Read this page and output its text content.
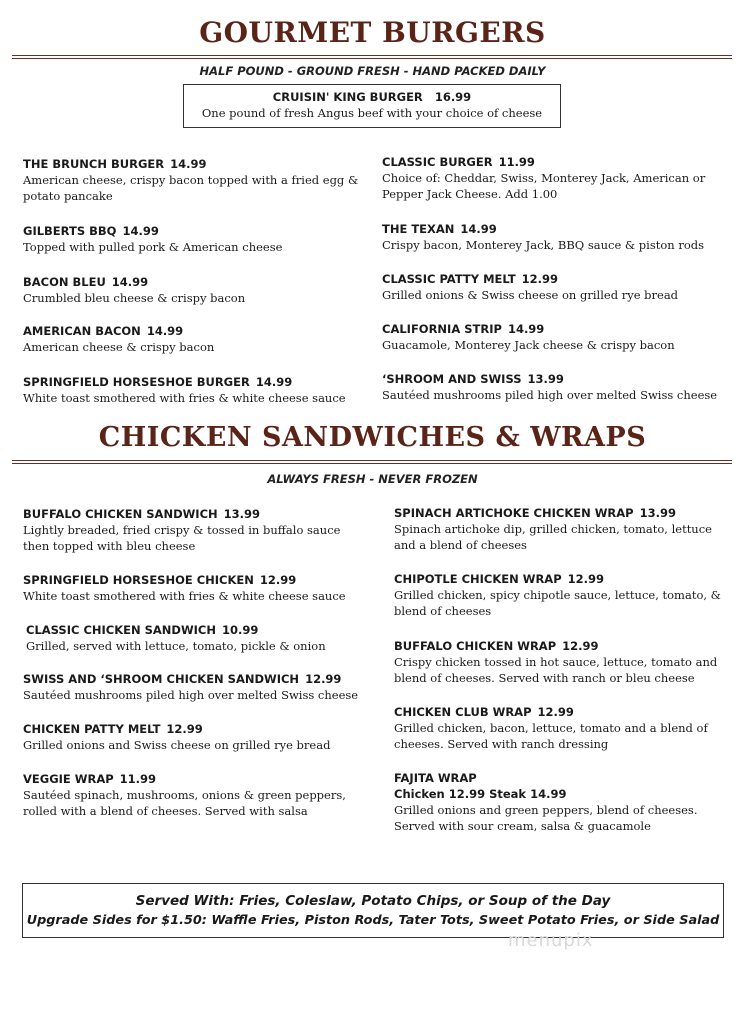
GOURMET BURGERS
HALF POUND - GROUND FRESH - HAND PACKED DAILY
CRUISIN' KING BURGER 16.99
One pound of fresh Angus beef with your choice of cheese
THE BRUNCH BURGER 14.99
American cheese, crispy bacon topped with a fried egg &
potato pancake
GILBERTS BBQ 14.99
Topped with pulled pork & American cheese
BACON BLEU 14.99
Crumbled bleu cheese & crispy bacon
AMERICAN BACON 14.99
American cheese & crispy bacon
SPRINGFIELD HORSESHOE BURGER 14.99
White toast smothered with fries & white cheese sauce
CLASSIC BURGER 11.99
Choice of: Cheddar, Swiss, Monterey Jack, American or
Pepper Jack Cheese. Add 1.00
THE TEXAN 14.99
Crispy bacon, Monterey Jack, BBQ sauce & piston rods
CLASSIC PATTY MELT 12.99
Grilled onions & Swiss cheese on grilled rye bread
CALIFORNIA STRIP 14.99
Guacamole, Monterey Jack cheese & crispy bacon
‘SHROOM AND SWISS 13.99
Sautéed mushrooms piled high over melted Swiss cheese
CHICKEN SANDWICHES & WRAPS
ALWAYS FRESH - NEVER FROZEN
BUFFALO CHICKEN SANDWICH 13.99
Lightly breaded, fried crispy & tossed in buffalo sauce
then topped with bleu cheese
SPRINGFIELD HORSESHOE CHICKEN 12.99
White toast smothered with fries & white cheese sauce
CLASSIC CHICKEN SANDWICH 10.99
Grilled, served with lettuce, tomato, pickle & onion
SWISS AND ‘SHROOM CHICKEN SANDWICH 12.99
Sautéed mushrooms piled high over melted Swiss cheese
CHICKEN PATTY MELT 12.99
Grilled onions and Swiss cheese on grilled rye bread
VEGGIE WRAP 11.99
Sautéed spinach, mushrooms, onions & green peppers,
rolled with a blend of cheeses. Served with salsa
SPINACH ARTICHOKE CHICKEN WRAP 13.99
Spinach artichoke dip, grilled chicken, tomato, lettuce
and a blend of cheeses
CHIPOTLE CHICKEN WRAP 12.99
Grilled chicken, spicy chipotle sauce, lettuce, tomato, &
blend of cheeses
BUFFALO CHICKEN WRAP 12.99
Crispy chicken tossed in hot sauce, lettuce, tomato and
blend of cheeses. Served with ranch or bleu cheese
CHICKEN CLUB WRAP 12.99
Grilled chicken, bacon, lettuce, tomato and a blend of
cheeses. Served with ranch dressing
FAJITA WRAP
Chicken 12.99 Steak 14.99
Grilled onions and green peppers, blend of cheeses.
Served with sour cream, salsa & guacamole
Served With: Fries, Coleslaw, Potato Chips, or Soup of the Day
Upgrade Sides for $1.50: Waffle Fries, Piston Rods, Tater Tots, Sweet Potato Fries, or Side Salad
menupix
